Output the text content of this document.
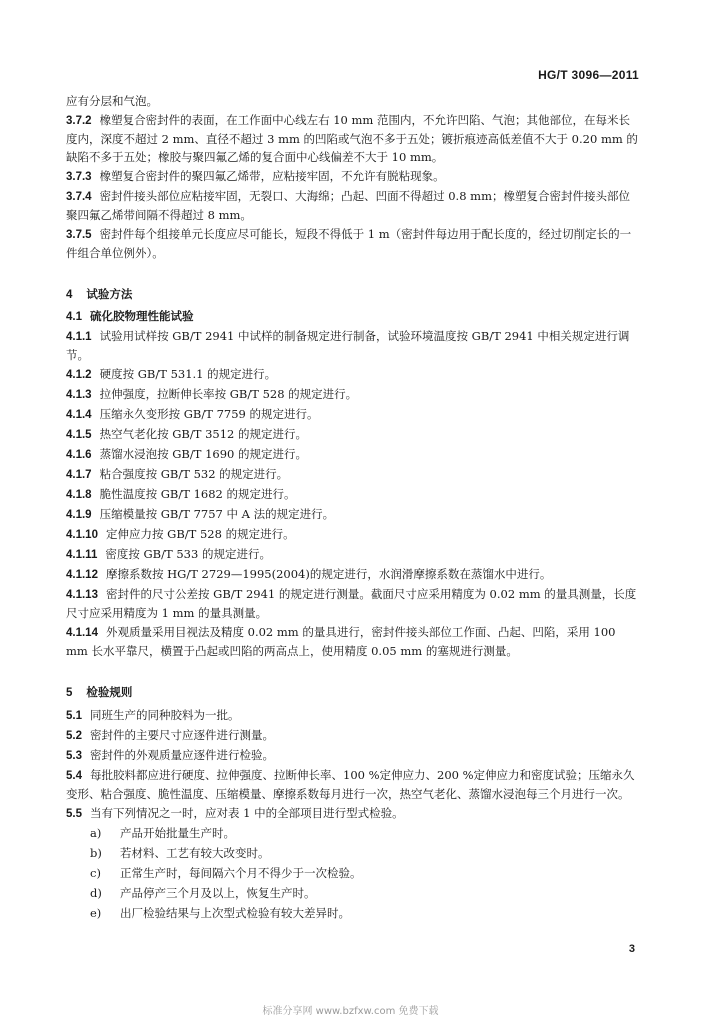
HG/T 3096—2011
应有分层和气泡。
3.7.2 橡塑复合密封件的表面，在工作面中心线左右 10 mm 范围内，不允许凹陷、气泡；其他部位，在每米长度内，深度不超过 2 mm、直径不超过 3 mm 的凹陷或气泡不多于五处；镀折痕迹高低差值不大于 0.20 mm 的缺陷不多于五处；橡胶与聚四氟乙烯的复合面中心线偏差不大于 10 mm。
3.7.3 橡塑复合密封件的聚四氟乙烯带，应粘接牢固，不允许有脱粘现象。
3.7.4 密封件接头部位应粘接牢固，无裂口、大海绵；凸起、凹面不得超过 0.8 mm；橡塑复合密封件接头部位聚四氟乙烯带间隔不得超过 8 mm。
3.7.5 密封件每个组接单元长度应尽可能长，短段不得低于 1 m（密封件每边用于配长度的，经过切削定长的一件组合单位例外）。
4 试验方法
4.1 硫化胶物理性能试验
4.1.1 试验用试样按 GB/T 2941 中试样的制备规定进行制备，试验环境温度按 GB/T 2941 中相关规定进行调节。
4.1.2 硬度按 GB/T 531.1 的规定进行。
4.1.3 拉伸强度，拉断伸长率按 GB/T 528 的规定进行。
4.1.4 压缩永久变形按 GB/T 7759 的规定进行。
4.1.5 热空气老化按 GB/T 3512 的规定进行。
4.1.6 蒸馏水浸泡按 GB/T 1690 的规定进行。
4.1.7 粘合强度按 GB/T 532 的规定进行。
4.1.8 脆性温度按 GB/T 1682 的规定进行。
4.1.9 压缩模量按 GB/T 7757 中 A 法的规定进行。
4.1.10 定伸应力按 GB/T 528 的规定进行。
4.1.11 密度按 GB/T 533 的规定进行。
4.1.12 摩擦系数按 HG/T 2729—1995(2004)的规定进行，水润滑摩擦系数在蒸馏水中进行。
4.1.13 密封件的尺寸公差按 GB/T 2941 的规定进行测量。截面尺寸应采用精度为 0.02 mm 的量具测量，长度尺寸应采用精度为 1 mm 的量具测量。
4.1.14 外观质量采用目视法及精度 0.02 mm 的量具进行，密封件接头部位工作面、凸起、凹陷，采用 100 mm 长水平靠尺，横置于凸起或凹陷的两高点上，使用精度 0.05 mm 的塞规进行测量。
5 检验规则
5.1 同班生产的同种胶料为一批。
5.2 密封件的主要尺寸应逐件进行测量。
5.3 密封件的外观质量应逐件进行检验。
5.4 每批胶料都应进行硬度、拉伸强度、拉断伸长率、100 %定伸应力、200 %定伸应力和密度试验；压缩永久变形、粘合强度、脆性温度、压缩模量、摩擦系数每月进行一次，热空气老化、蒸馏水浸泡每三个月进行一次。
5.5 当有下列情况之一时，应对表 1 中的全部项目进行型式检验。
a) 产品开始批量生产时。
b) 若材料、工艺有较大改变时。
c) 正常生产时，每间隔六个月不得少于一次检验。
d) 产品停产三个月及以上，恢复生产时。
e) 出厂检验结果与上次型式检验有较大差异时。
3
标准分享网 www.bzfxw.com 免费下载
